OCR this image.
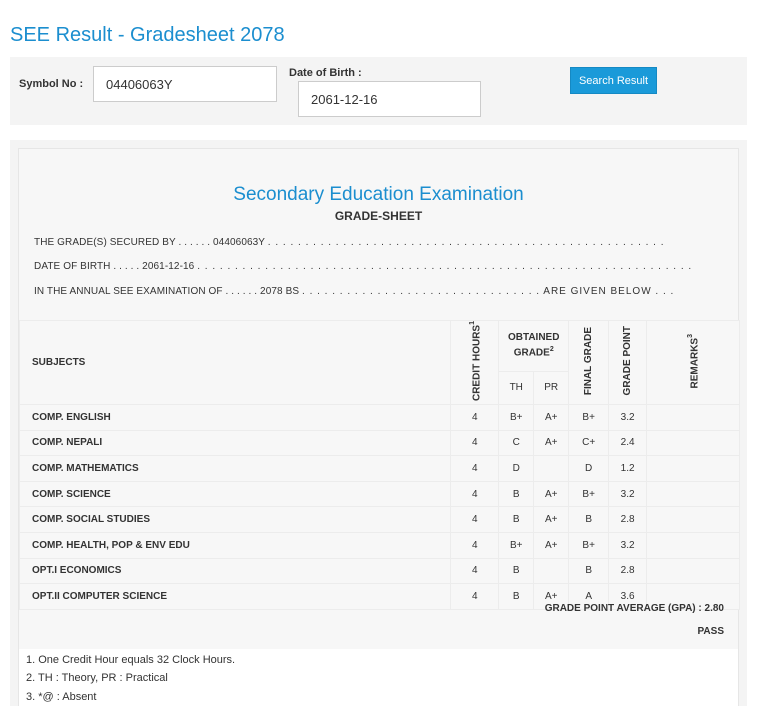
SEE Result - Gradesheet 2078
Symbol No :
04406063Y
Date of Birth :
2061-12-16
Search Result
Secondary Education Examination
GRADE-SHEET
THE GRADE(S) SECURED BY . . . . . . 04406063Y . . . . . . . . . . . . . . . . . . . . . . . . . . . . . . . . . . . . . . . . . . . . . . . . . . . . .
DATE OF BIRTH . . . . . 2061-12-16 . . . . . . . . . . . . . . . . . . . . . . . . . . . . . . . . . . . . . . . . . . . . . . . . . . . . . . . . . . . . . . . . . .
IN THE ANNUAL SEE EXAMINATION OF . . . . . . 2078 BS . . . . . . . . . . . . . . . . . . . . . . . . . . . . . . . . ARE GIVEN BELOW . . .
SUBJECTS	CREDIT HOURS$^1$	OBTAINED GRADE$^2$		FINAL GRADE	GRADE POINT	REMARKS$^3$
		TH	PR			
COMP. ENGLISH	4	B+	A+	B+	3.2	
COMP. NEPALI	4	C	A+	C+	2.4	
COMP. MATHEMATICS	4	D		D	1.2	
COMP. SCIENCE	4	B	A+	B+	3.2	
COMP. SOCIAL STUDIES	4	B	A+	B	2.8	
COMP. HEALTH, POP & ENV EDU	4	B+	A+	B+	3.2	
OPT.I ECONOMICS	4	B		B	2.8	
OPT.II COMPUTER SCIENCE	4	B	A+	A	3.6	
GRADE POINT AVERAGE (GPA) : 2.80
PASS
1. One Credit Hour equals 32 Clock Hours.
2. TH : Theory, PR : Practical
3. *@ : Absent
